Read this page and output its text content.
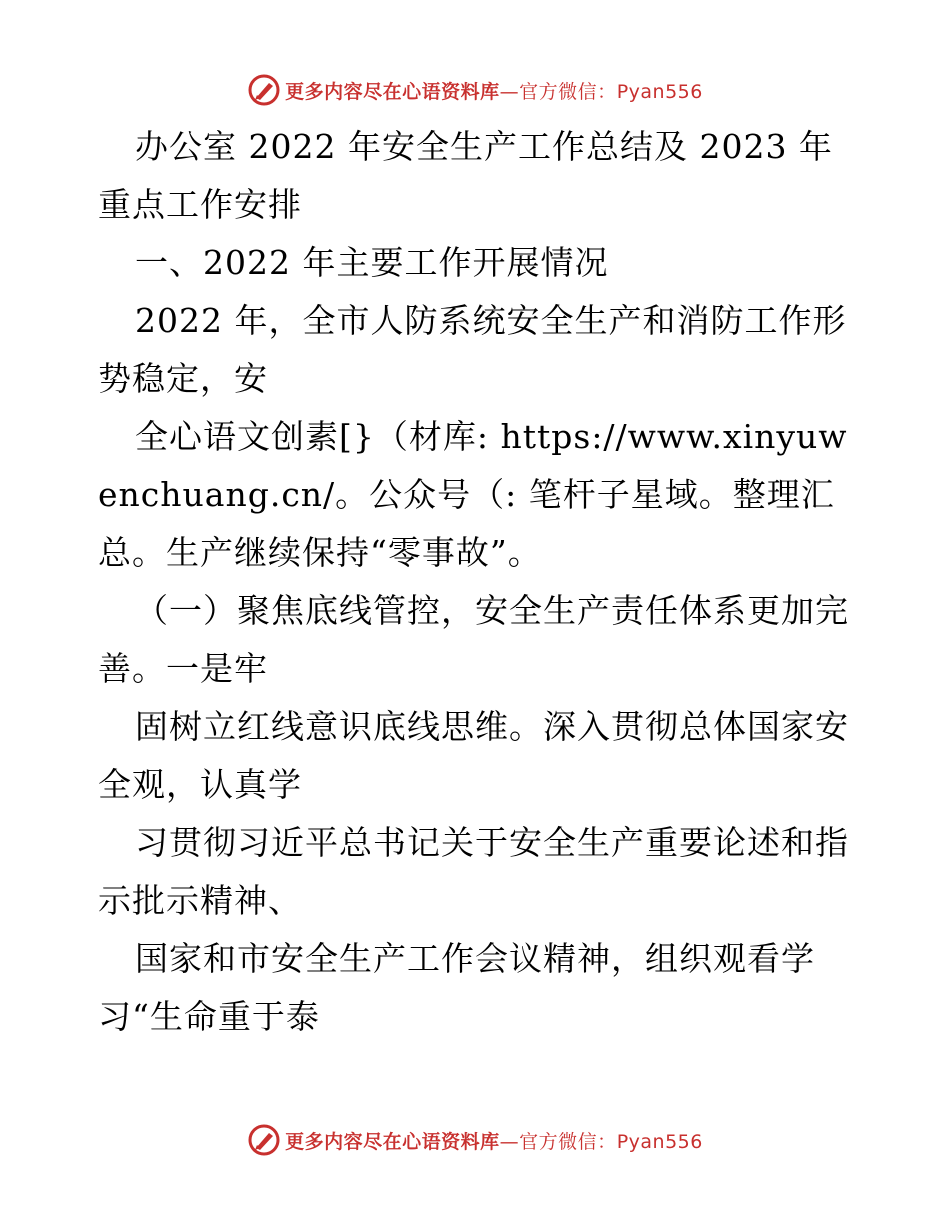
更多内容尽在心语资料库—官方微信：Pyan556

办公室 2022 年安全生产工作总结及 2023 年重点工作安排

一、2022 年主要工作开展情况

2022 年，全市人防系统安全生产和消防工作形势稳定，安

全心语文创素[}（材库: https://www.xinyuwenchuang.cn/。公众号（: 笔杆子星域。整理汇总。生产继续保持“零事故”。

（一）聚焦底线管控，安全生产责任体系更加完善。一是牢

固树立红线意识底线思维。深入贯彻总体国家安全观，认真学

习贯彻习近平总书记关于安全生产重要论述和指示批示精神、

国家和市安全生产工作会议精神，组织观看学习“生命重于泰

更多内容尽在心语资料库—官方微信：Pyan556
